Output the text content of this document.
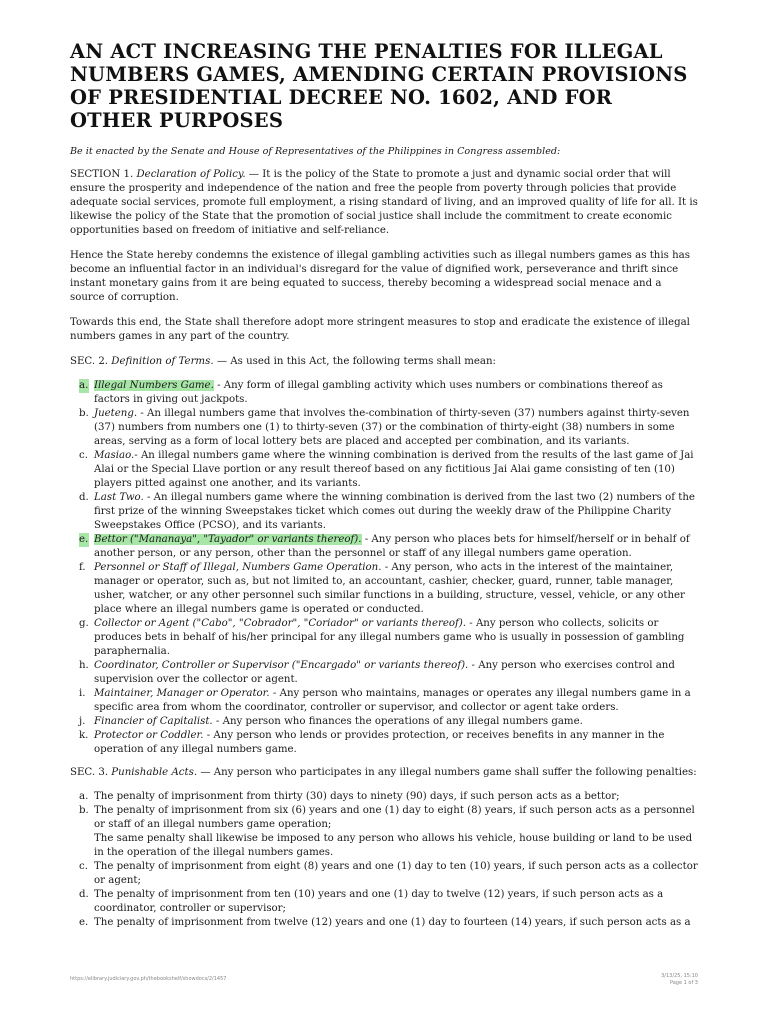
AN ACT INCREASING THE PENALTIES FOR ILLEGAL NUMBERS GAMES, AMENDING CERTAIN PROVISIONS OF PRESIDENTIAL DECREE NO. 1602, AND FOR OTHER PURPOSES

Be it enacted by the Senate and House of Representatives of the Philippines in Congress assembled:

SECTION 1. Declaration of Policy. — It is the policy of the State to promote a just and dynamic social order that will ensure the prosperity and independence of the nation and free the people from poverty through policies that provide adequate social services, promote full employment, a rising standard of living, and an improved quality of life for all. It is likewise the policy of the State that the promotion of social justice shall include the commitment to create economic opportunities based on freedom of initiative and self-reliance.

Hence the State hereby condemns the existence of illegal gambling activities such as illegal numbers games as this has become an influential factor in an individual's disregard for the value of dignified work, perseverance and thrift since instant monetary gains from it are being equated to success, thereby becoming a widespread social menace and a source of corruption.

Towards this end, the State shall therefore adopt more stringent measures to stop and eradicate the existence of illegal numbers games in any part of the country.

SEC. 2. Definition of Terms. — As used in this Act, the following terms shall mean:

a. Illegal Numbers Game. - Any form of illegal gambling activity which uses numbers or combinations thereof as factors in giving out jackpots.
b. Jueteng. - An illegal numbers game that involves the-combination of thirty-seven (37) numbers against thirty-seven (37) numbers from numbers one (1) to thirty-seven (37) or the combination of thirty-eight (38) numbers in some areas, serving as a form of local lottery bets are placed and accepted per combination, and its variants.
c. Masiao.- An illegal numbers game where the winning combination is derived from the results of the last game of Jai Alai or the Special Llave portion or any result thereof based on any fictitious Jai Alai game consisting of ten (10) players pitted against one another, and its variants.
d. Last Two. - An illegal numbers game where the winning combination is derived from the last two (2) numbers of the first prize of the winning Sweepstakes ticket which comes out during the weekly draw of the Philippine Charity Sweepstakes Office (PCSO), and its variants.
e. Bettor ("Mananaya", "Tayador" or variants thereof). - Any person who places bets for himself/herself or in behalf of another person, or any person, other than the personnel or staff of any illegal numbers game operation.
f. Personnel or Staff of Illegal, Numbers Game Operation. - Any person, who acts in the interest of the maintainer, manager or operator, such as, but not limited to, an accountant, cashier, checker, guard, runner, table manager, usher, watcher, or any other personnel such similar functions in a building, structure, vessel, vehicle, or any other place where an illegal numbers game is operated or conducted.
g. Collector or Agent ("Cabo", "Cobrador", "Coriador" or variants thereof). - Any person who collects, solicits or produces bets in behalf of his/her principal for any illegal numbers game who is usually in possession of gambling paraphernalia.
h. Coordinator, Controller or Supervisor ("Encargado" or variants thereof). - Any person who exercises control and supervision over the collector or agent.
i. Maintainer, Manager or Operator. - Any person who maintains, manages or operates any illegal numbers game in a specific area from whom the coordinator, controller or supervisor, and collector or agent take orders.
j. Financier of Capitalist. - Any person who finances the operations of any illegal numbers game.
k. Protector or Coddler. - Any person who lends or provides protection, or receives benefits in any manner in the operation of any illegal numbers game.

SEC. 3. Punishable Acts. — Any person who participates in any illegal numbers game shall suffer the following penalties:

a. The penalty of imprisonment from thirty (30) days to ninety (90) days, if such person acts as a bettor;
b. The penalty of imprisonment from six (6) years and one (1) day to eight (8) years, if such person acts as a personnel or staff of an illegal numbers game operation;
The same penalty shall likewise be imposed to any person who allows his vehicle, house building or land to be used in the operation of the illegal numbers games.
c. The penalty of imprisonment from eight (8) years and one (1) day to ten (10) years, if such person acts as a collector or agent;
d. The penalty of imprisonment from ten (10) years and one (1) day to twelve (12) years, if such person acts as a coordinator, controller or supervisor;
e. The penalty of imprisonment from twelve (12) years and one (1) day to fourteen (14) years, if such person acts as a
https://elibrary.judiciary.gov.ph/thebookshelf/showdocs/2/1457	3/13/25, 15:10
Page 1 of 3
